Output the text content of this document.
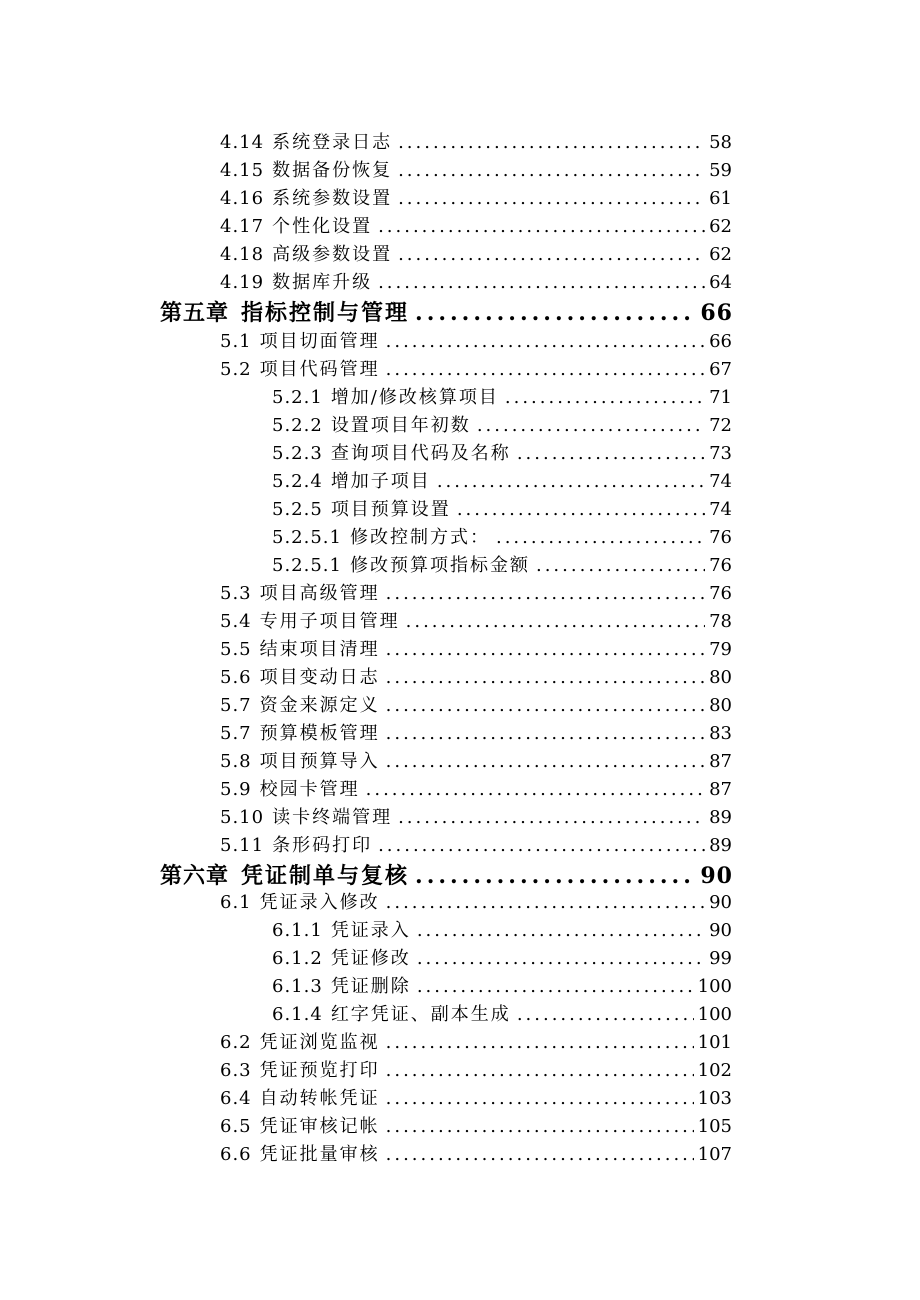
4.14 系统登录日志 .....	58
4.15 数据备份恢复 .....	59
4.16 系统参数设置 .....	61
4.17 个性化设置 .....	62
4.18 高级参数设置 .....	62
4.19 数据库升级 .....	64
第五章 指标控制与管理 .....	66
5.1 项目切面管理 .....	66
5.2 项目代码管理 .....	67
5.2.1 增加/修改核算项目 .....	71
5.2.2 设置项目年初数 .....	72
5.2.3 查询项目代码及名称 .....	73
5.2.4 增加子项目 .....	74
5.2.5 项目预算设置 .....	74
5.2.5.1 修改控制方式： .....	76
5.2.5.1 修改预算项指标金额 .....	76
5.3 项目高级管理 .....	76
5.4 专用子项目管理 .....	78
5.5 结束项目清理 .....	79
5.6 项目变动日志 .....	80
5.7 资金来源定义 .....	80
5.7 预算模板管理 .....	83
5.8 项目预算导入 .....	87
5.9 校园卡管理 .....	87
5.10 读卡终端管理 .....	89
5.11 条形码打印 .....	89
第六章 凭证制单与复核 .....	90
6.1 凭证录入修改 .....	90
6.1.1 凭证录入 .....	90
6.1.2 凭证修改 .....	99
6.1.3 凭证删除 .....	100
6.1.4 红字凭证、副本生成 .....	100
6.2 凭证浏览监视 .....	101
6.3 凭证预览打印 .....	102
6.4 自动转帐凭证 .....	103
6.5 凭证审核记帐 .....	105
6.6 凭证批量审核 .....	107
